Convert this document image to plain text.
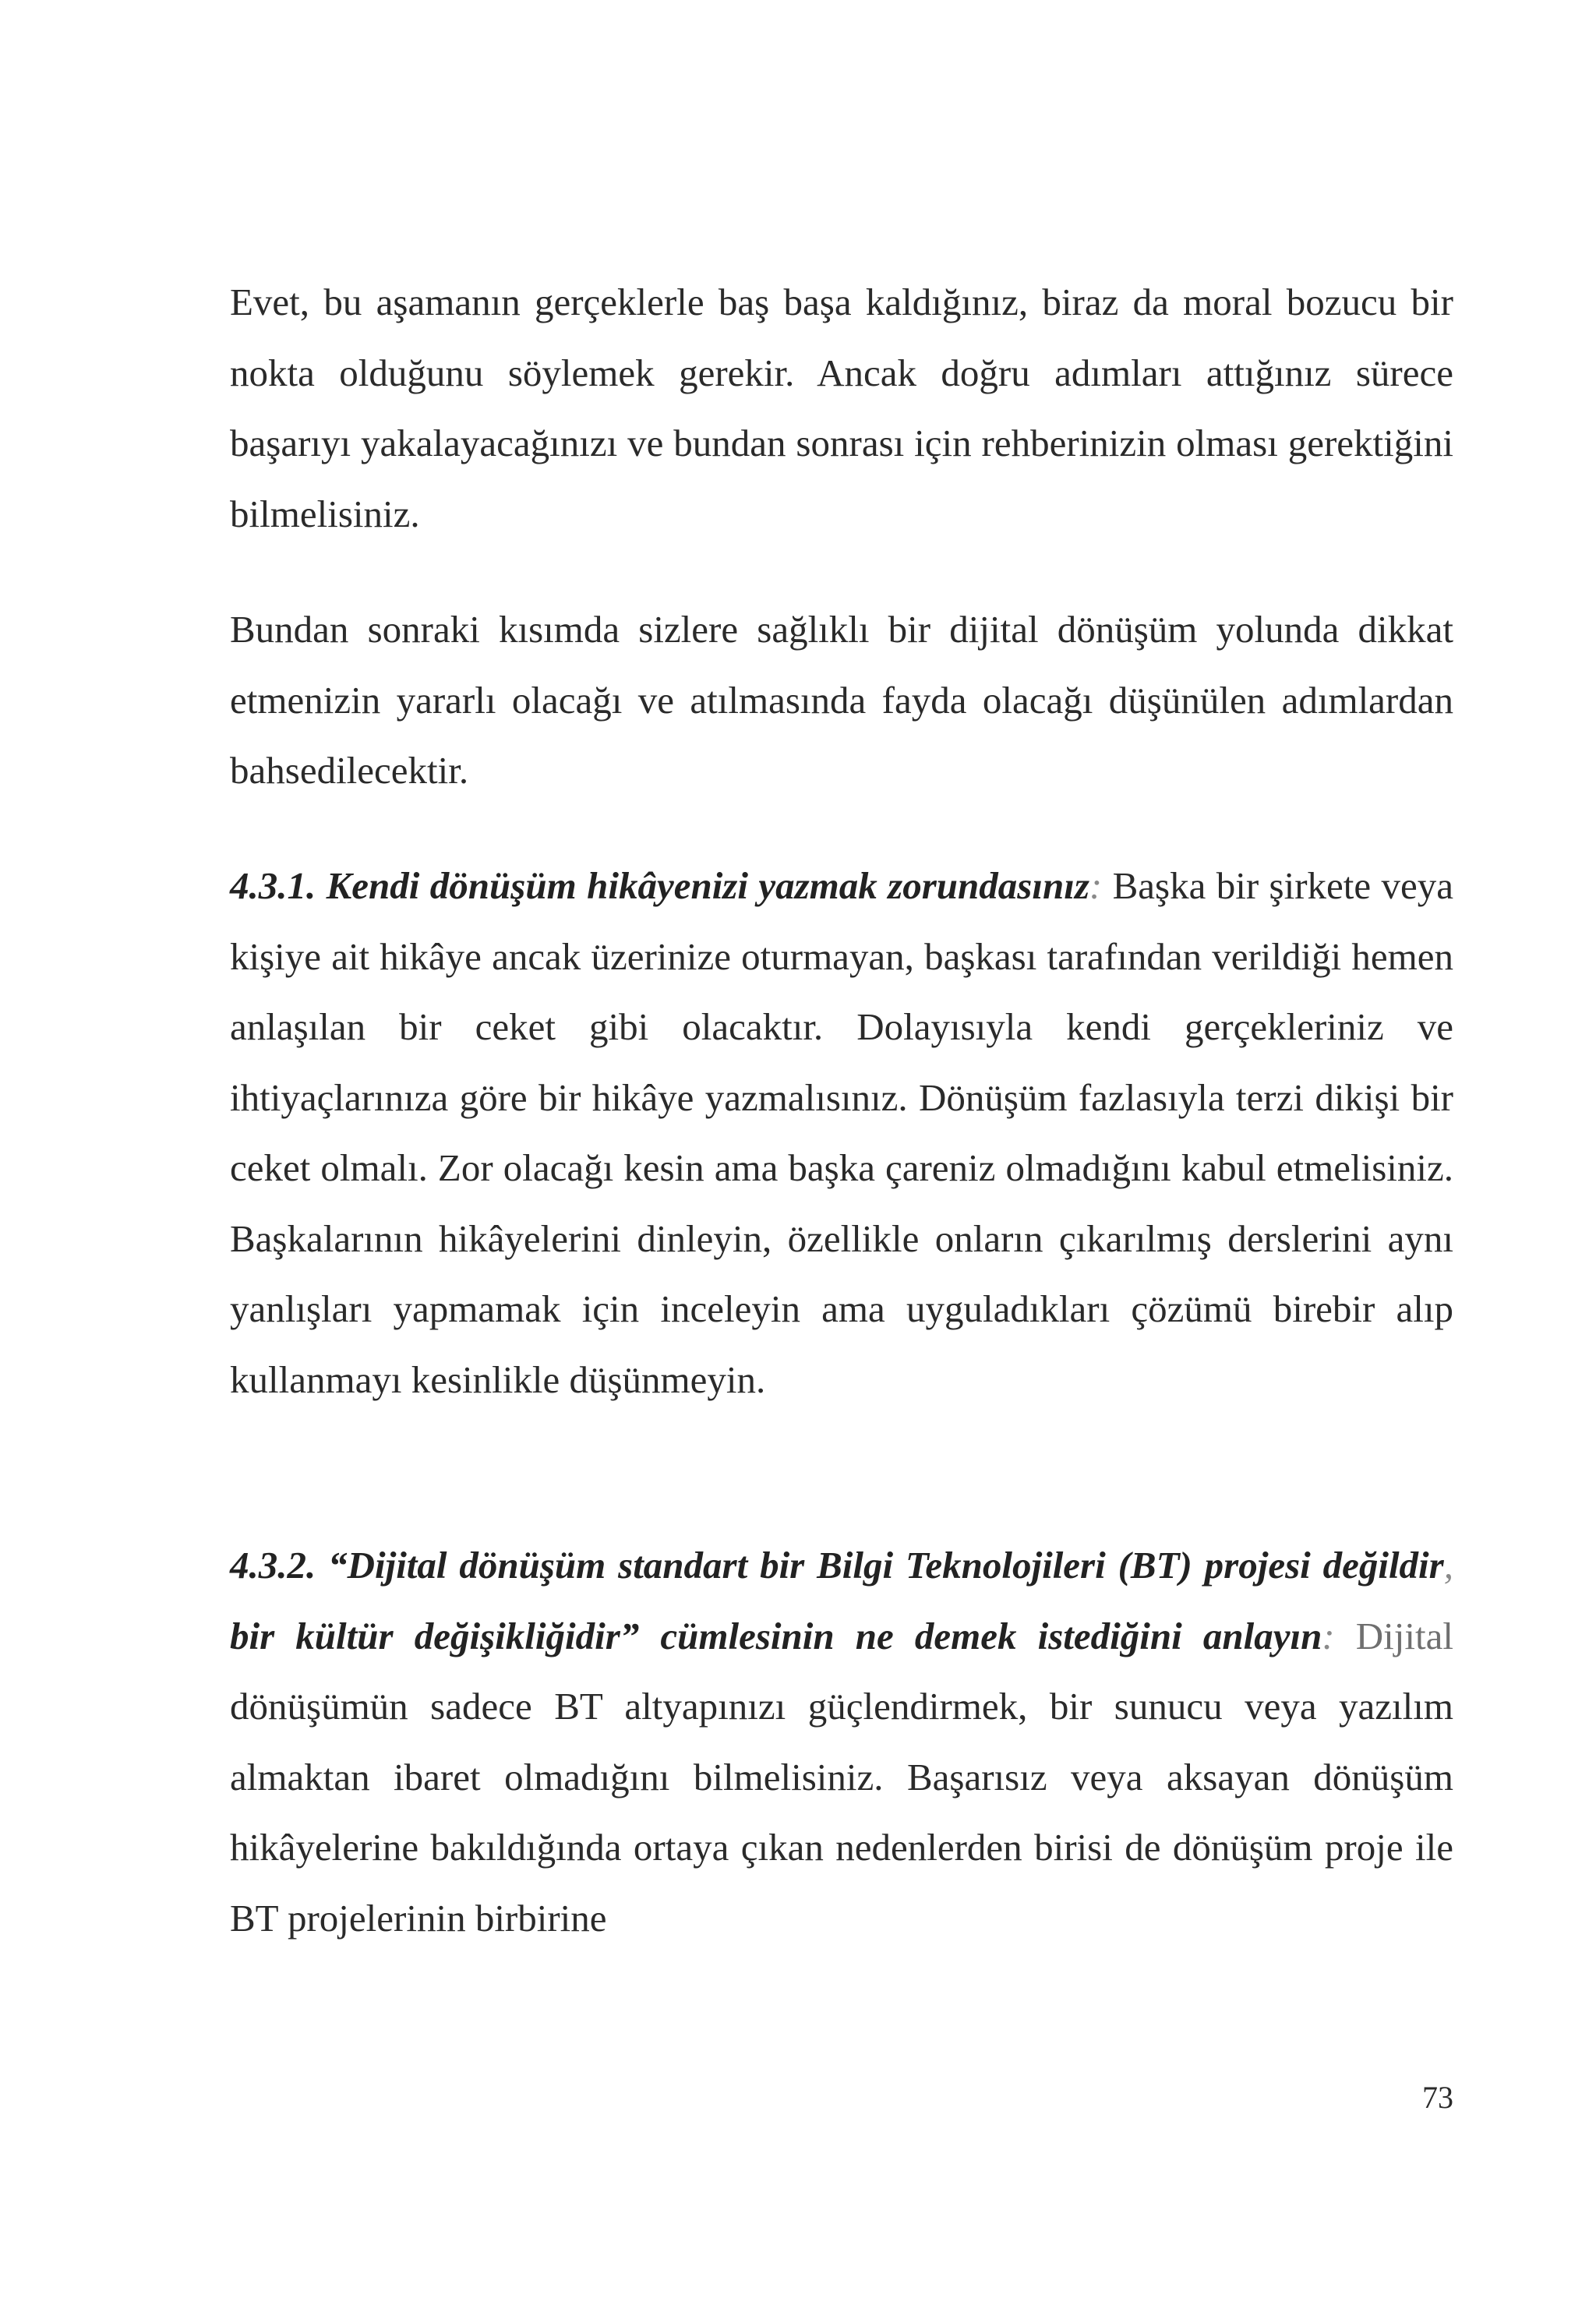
Evet, bu aşamanın gerçeklerle baş başa kaldığınız, biraz da moral bozucu bir nokta olduğunu söylemek gerekir. Ancak doğru adımları attığınız sürece başarıyı yakalayacağınızı ve bundan sonrası için rehberinizin olması gerektiğini bilmelisiniz.

Bundan sonraki kısımda sizlere sağlıklı bir dijital dönüşüm yolunda dikkat etmenizin yararlı olacağı ve atılmasında fayda olacağı düşünülen adımlardan bahsedilecektir.

4.3.1. Kendi dönüşüm hikâyenizi yazmak zorundasınız: Başka bir şirkete veya kişiye ait hikâye ancak üzerinize oturmayan, başkası tarafından verildiği hemen anlaşılan bir ceket gibi olacaktır. Dolayısıyla kendi gerçekleriniz ve ihtiyaçlarınıza göre bir hikâye yazmalısınız. Dönüşüm fazlasıyla terzi dikişi bir ceket olmalı. Zor olacağı kesin ama başka çareniz olmadığını kabul etmelisiniz. Başkalarının hikâyelerini dinleyin, özellikle onların çıkarılmış derslerini aynı yanlışları yapmamak için inceleyin ama uyguladıkları çözümü birebir alıp kullanmayı kesinlikle düşünmeyin.

4.3.2. “Dijital dönüşüm standart bir Bilgi Teknolojileri (BT) projesi değildir, bir kültür değişikliğidir” cümlesinin ne demek istediğini anlayın: Dijital dönüşümün sadece BT altyapınızı güçlendirmek, bir sunucu veya yazılım almaktan ibaret olmadığını bilmelisiniz. Başarısız veya aksayan dönüşüm hikâyelerine bakıldığında ortaya çıkan nedenlerden birisi de dönüşüm proje ile BT projelerinin birbirine

73
